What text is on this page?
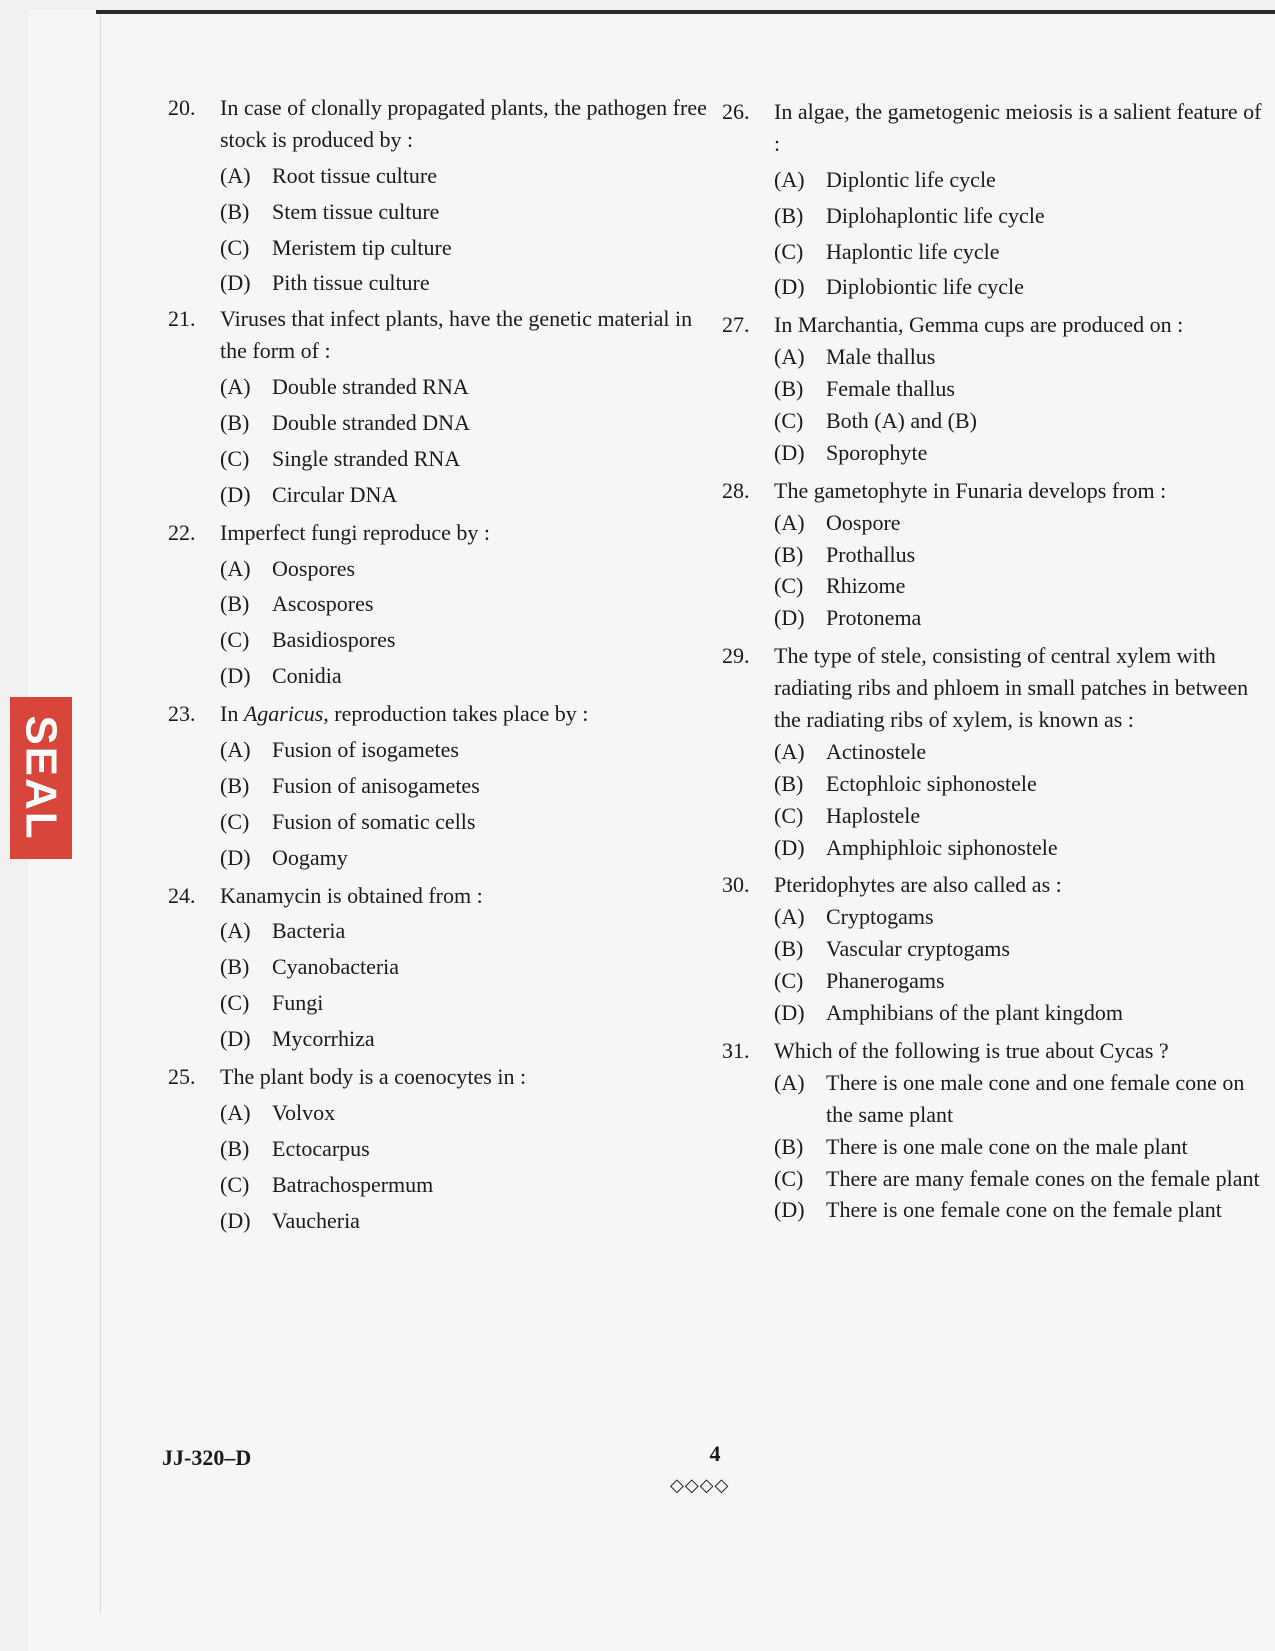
SEAL
20.	In case of clonally propagated plants, the pathogen free stock is produced by :
(A) Root tissue culture
(B)	Stem tissue culture
(C)	Meristem tip culture
(D) Pith tissue culture
21.	Viruses that infect plants, have the genetic material in the form of :
(A) Double stranded RNA
(B)	Double stranded DNA
(C)	Single stranded RNA
(D) Circular DNA
22.	Imperfect fungi reproduce by :
(A) Oospores
(B)	Ascospores
(C)	Basidiospores
(D) Conidia
23.	In Agaricus, reproduction takes place by :
(A) Fusion of isogametes
(B)	Fusion of anisogametes
(C)	Fusion of somatic cells
(D) Oogamy
24.	Kanamycin is obtained from :
(A) Bacteria
(B)	Cyanobacteria
(C)	Fungi
(D) Mycorrhiza
25.	The plant body is a coenocytes in :
(A) Volvox
(B)	Ectocarpus
(C)	Batrachospermum
(D) Vaucheria
26.	In algae, the gametogenic meiosis is a salient feature of :
(A) Diplontic life cycle
(B)	Diplohaplontic life cycle
(C)	Haplontic life cycle
(D) Diplobiontic life cycle
27.	In Marchantia, Gemma cups are produced on :
(A) Male thallus
(B)	Female thallus
(C)	Both (A) and (B)
(D) Sporophyte
28.	The gametophyte in Funaria develops from :
(A) Oospore
(B)	Prothallus
(C)	Rhizome
(D) Protonema
29.	The type of stele, consisting of central xylem with radiating ribs and phloem in small patches in between the radiating ribs of xylem, is known as :
(A) Actinostele
(B)	Ectophloic siphonostele
(C)	Haplostele
(D) Amphiphloic siphonostele
30.	Pteridophytes are also called as :
(A) Cryptogams
(B)	Vascular cryptogams
(C)	Phanerogams
(D) Amphibians of the plant kingdom
31.	Which of the following is true about Cycas ?
(A) There is one male cone and one female cone on the same plant
(B)	There is one male cone on the male plant
(C)	There are many female cones on the female plant
(D) There is one female cone on the female plant
JJ-320–D	4
◇◇◇◇
